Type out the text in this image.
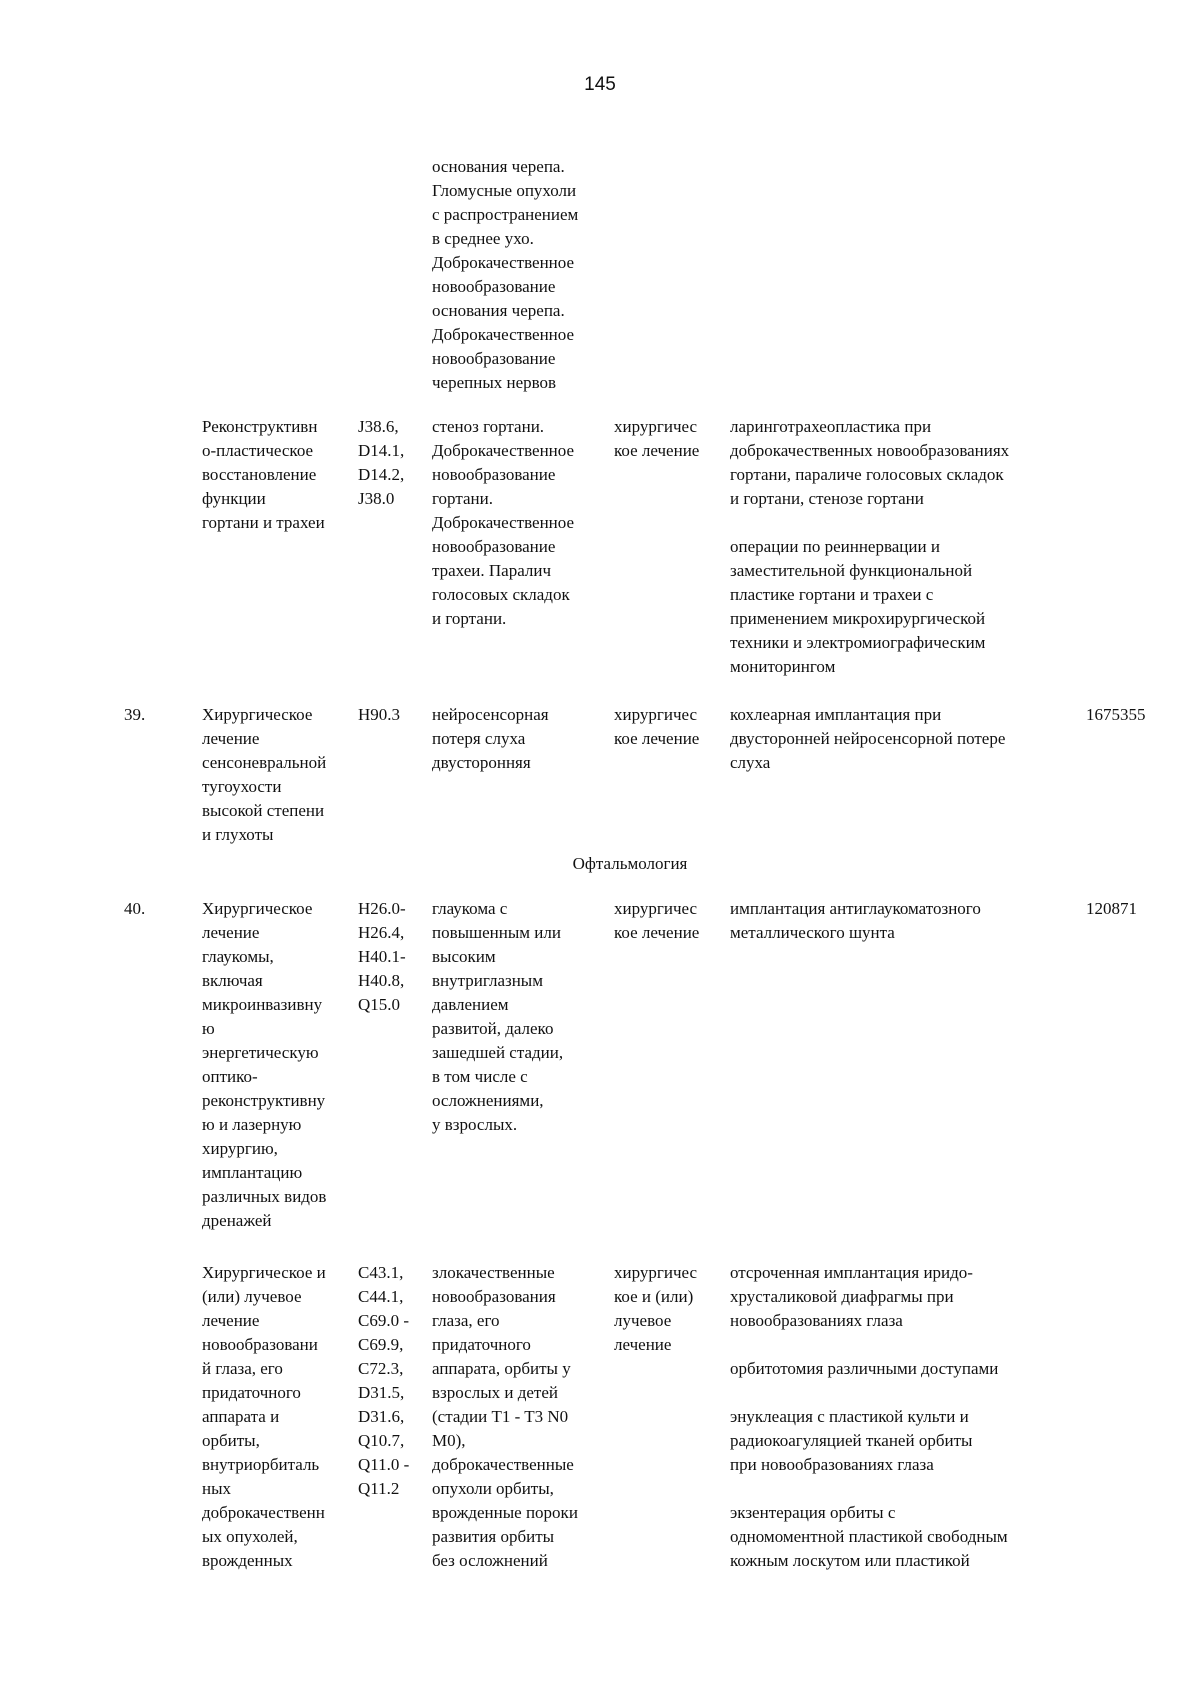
145
основания черепа.
Гломусные опухоли
с распространением
в среднее ухо.
Доброкачественное
новообразование
основания черепа.
Доброкачественное
новообразование
черепных нервов
Реконструктивн
о-пластическое
восстановление
функции
гортани и трахеи
J38.6,
D14.1,
D14.2,
J38.0
стеноз гортани.
Доброкачественное
новообразование
гортани.
Доброкачественное
новообразование
трахеи. Паралич
голосовых складок
и гортани.
хирургичес
кое лечение
ларинготрахеопластика при
доброкачественных новообразованиях
гортани, параличе голосовых складок
и гортани, стенозе гортани
операции по реиннервации и
заместительной функциональной
пластике гортани и трахеи с
применением микрохирургической
техники и электромиографическим
мониторингом
39.	Хирургическое
лечение
сенсоневральной
тугоухости
высокой степени
и глухоты
H90.3 нейросенсорная
потеря слуха
двусторонняя
хирургичес
кое лечение
кохлеарная имплантация при
двусторонней нейросенсорной потере
слуха
1675355
Офтальмология
40.	Хирургическое
лечение
глаукомы,
включая
микроинвазивну
ю
энергетическую
оптико-
реконструктивну
ю и лазерную
хирургию,
имплантацию
различных видов
дренажей
H26.0-
H26.4,
H40.1-
H40.8,
Q15.0
глаукома с
повышенным или
высоким
внутриглазным
давлением
развитой, далеко
зашедшей стадии,
в том числе с
осложнениями,
у взрослых.
хирургичес
кое лечение
имплантация антиглаукоматозного
металлического шунта
120871
Хирургическое и
(или) лучевое
лечение
новообразовани
й глаза, его
придаточного
аппарата и
орбиты,
внутриорбиталь
ных
доброкачественн
ых опухолей,
врожденных
C43.1,
C44.1,
C69.0 -
C69.9,
C72.3,
D31.5,
D31.6,
Q10.7,
Q11.0 -
Q11.2
злокачественные
новообразования
глаза, его
придаточного
аппарата, орбиты у
взрослых и детей
(стадии T1 - T3 N0
M0),
доброкачественные
опухоли орбиты,
врожденные пороки
развития орбиты
без осложнений
хирургичес
кое и (или)
лучевое
лечение
отсроченная имплантация иридо-
хрусталиковой диафрагмы при
новообразованиях глаза
орбитотомия различными доступами
энуклеация с пластикой культи и
радиокоагуляцией тканей орбиты
при новообразованиях глаза
экзентерация орбиты с
одномоментной пластикой свободным
кожным лоскутом или пластикой
